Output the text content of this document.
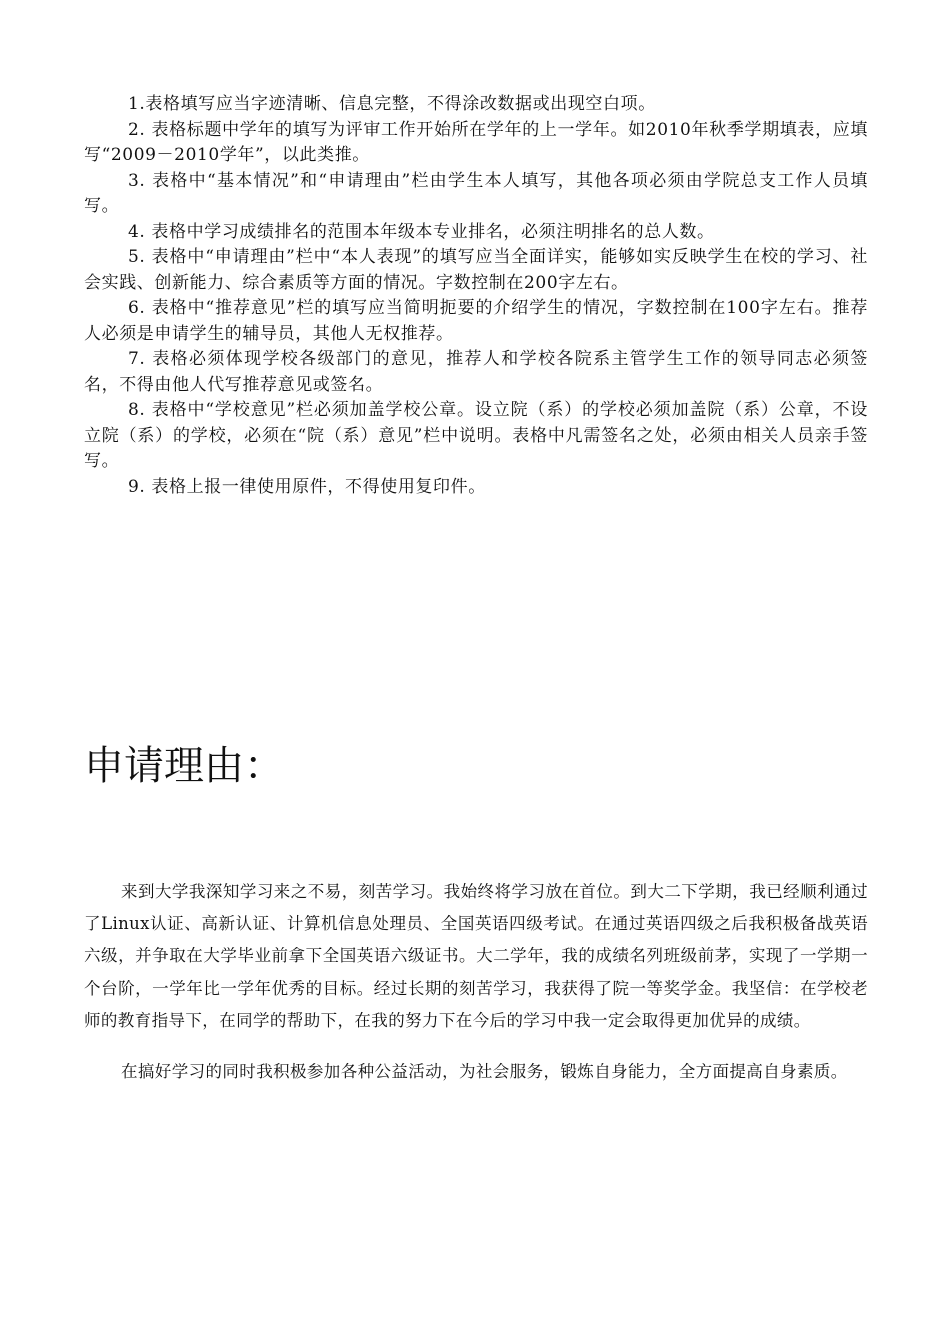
1.表格填写应当字迹清晰、信息完整，不得涂改数据或出现空白项。

2. 表格标题中学年的填写为评审工作开始所在学年的上一学年。如2010年秋季学期填表，应填写“2009－2010学年”，以此类推。

3. 表格中“基本情况”和“申请理由”栏由学生本人填写，其他各项必须由学院总支工作人员填写。

4. 表格中学习成绩排名的范围本年级本专业排名，必须注明排名的总人数。

5. 表格中“申请理由”栏中“本人表现”的填写应当全面详实，能够如实反映学生在校的学习、社会实践、创新能力、综合素质等方面的情况。字数控制在200字左右。

6. 表格中“推荐意见”栏的填写应当简明扼要的介绍学生的情况，字数控制在100字左右。推荐人必须是申请学生的辅导员，其他人无权推荐。

7. 表格必须体现学校各级部门的意见，推荐人和学校各院系主管学生工作的领导同志必须签名，不得由他人代写推荐意见或签名。

8. 表格中“学校意见”栏必须加盖学校公章。设立院（系）的学校必须加盖院（系）公章，不设立院（系）的学校，必须在“院（系）意见”栏中说明。表格中凡需签名之处，必须由相关人员亲手签写。

9. 表格上报一律使用原件，不得使用复印件。

申请理由：

来到大学我深知学习来之不易，刻苦学习。我始终将学习放在首位。到大二下学期，我已经顺利通过了Linux认证、高新认证、计算机信息处理员、全国英语四级考试。在通过英语四级之后我积极备战英语六级，并争取在大学毕业前拿下全国英语六级证书。大二学年，我的成绩名列班级前茅，实现了一学期一个台阶，一学年比一学年优秀的目标。经过长期的刻苦学习，我获得了院一等奖学金。我坚信：在学校老师的教育指导下，在同学的帮助下，在我的努力下在今后的学习中我一定会取得更加优异的成绩。

在搞好学习的同时我积极参加各种公益活动，为社会服务，锻炼自身能力，全方面提高自身素质。
